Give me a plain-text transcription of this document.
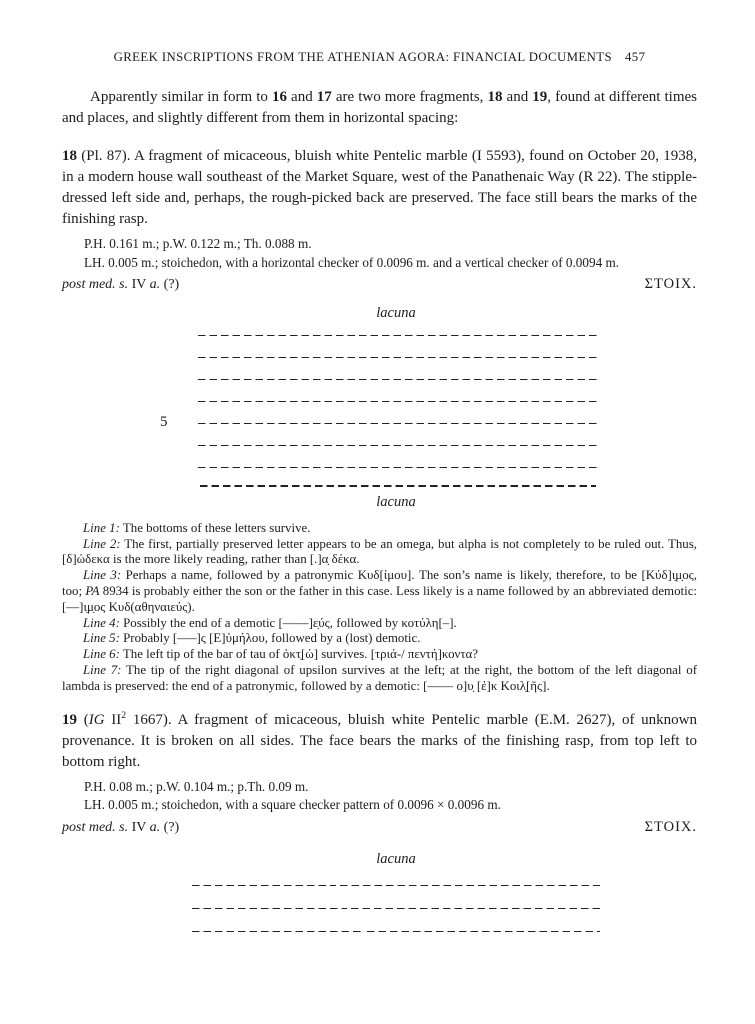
GREEK INSCRIPTIONS FROM THE ATHENIAN AGORA: FINANCIAL DOCUMENTS 457

Apparently similar in form to 16 and 17 are two more fragments, 18 and 19, found at different times and places, and slightly different from them in horizontal spacing:

18 (Pl. 87). A fragment of micaceous, bluish white Pentelic marble (I 5593), found on October 20, 1938, in a modern house wall southeast of the Market Square, west of the Panathenaic Way (R 22). The stipple-dressed left side and, perhaps, the rough-picked back are preserved. The face still bears the marks of the finishing rasp.

P.H. 0.161 m.; p.W. 0.122 m.; Th. 0.088 m.

LH. 0.005 m.; stoichedon, with a horizontal checker of 0.0096 m. and a vertical checker of 0.0094 m.

post med. s. IV a. (?)	ΣΤΟΙΧ.
lacuna
5
lacuna

Line 1: The bottoms of these letters survive.

Line 2: The first, partially preserved letter appears to be an omega, but alpha is not completely to be ruled out. Thus, [δ]ώδεκα is the more likely reading, rather than [.]α̣ δέκα.

Line 3: Perhaps a name, followed by a patronymic Κυδ[ίμου]. The son’s name is likely, therefore, to be [Κύδ]ι̣μ̣ος, too; PA 8934 is probably either the son or the father in this case. Less likely is a name followed by an abbreviated demotic: [––]ι̣μ̣ος Κυδ(αθηναιεύς).

Line 4: Possibly the end of a demotic [––––]ε̣ύς, followed by κοτύλη[–].

Line 5: Probably [–––]ς [Ε]ὐμήλου, followed by a (lost) demotic.

Line 6: The left tip of the bar of tau of ὀκτ̣[ώ] survives. [τριά-/ πεντή]κοντα?

Line 7: The tip of the right diagonal of upsilon survives at the left; at the right, the bottom of the left diagonal of lambda is preserved: the end of a patronymic, followed by a demotic: [–––– ο]υ̣ [ἐ]κ Κοιλ̣[ῆς].

19 (IG $II^2$ 1667). A fragment of micaceous, bluish white Pentelic marble (E.M. 2627), of unknown provenance. It is broken on all sides. The face bears the marks of the finishing rasp, from top left to bottom right.

P.H. 0.08 m.; p.W. 0.104 m.; p.Th. 0.09 m.

LH. 0.005 m.; stoichedon, with a square checker pattern of 0.0096 × 0.0096 m.

post med. s. IV a. (?)	ΣΤΟΙΧ.
lacuna
